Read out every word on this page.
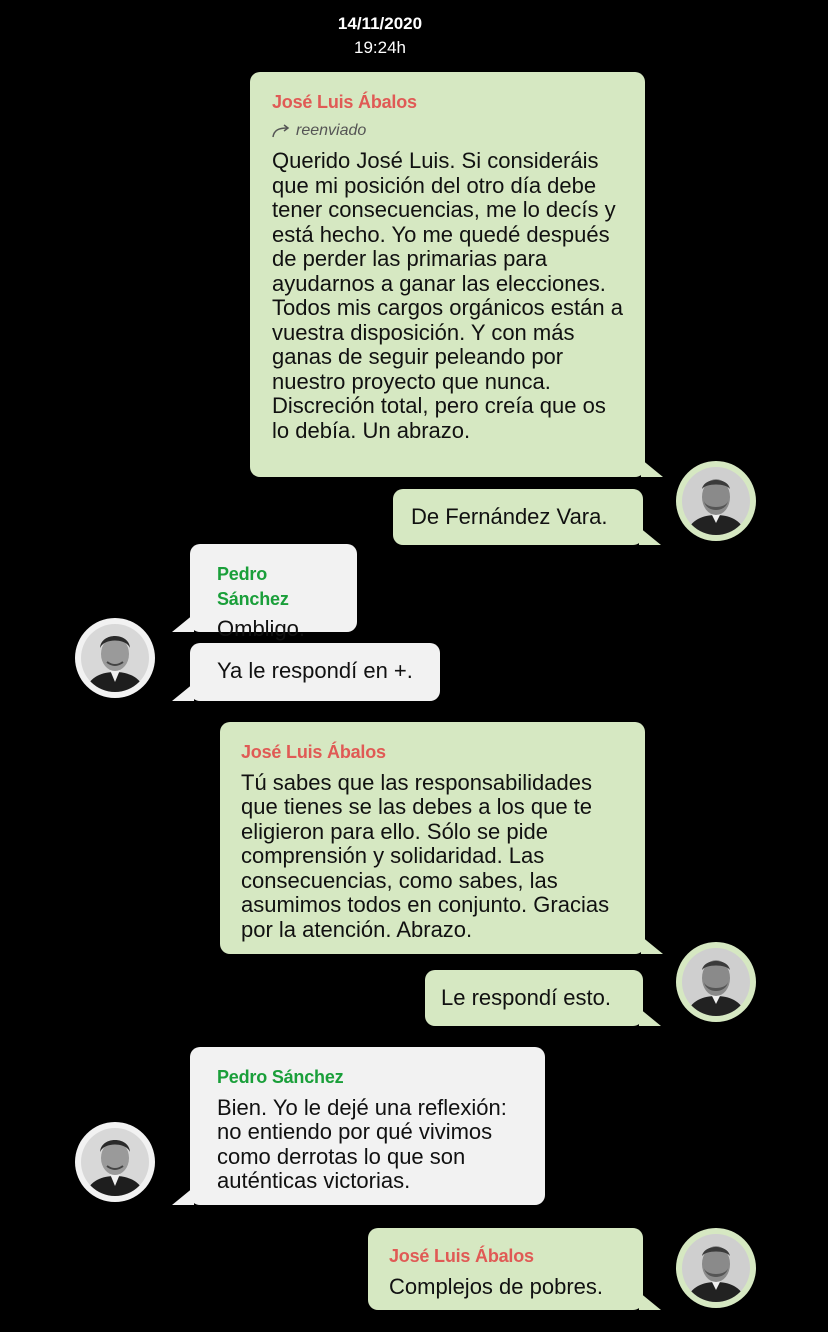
14/11/2020
19:24h
José Luis Ábalos
reenviado
Querido José Luis. Si consideráis que mi posición del otro día debe tener consecuencias, me lo decís y está hecho. Yo me quedé después de perder las primarias para ayudarnos a ganar las elecciones. Todos mis cargos orgánicos están a vuestra disposición. Y con más ganas de seguir peleando por nuestro proyecto que nunca. Discreción total, pero creía que os lo debía. Un abrazo.
De Fernández Vara.
Pedro Sánchez
Ombligo.
Ya le respondí en +.
José Luis Ábalos
Tú sabes que las responsabilidades que tienes se las debes a los que te eligieron para ello. Sólo se pide comprensión y solidaridad. Las consecuencias, como sabes, las asumimos todos en conjunto. Gracias por la atención. Abrazo.
Le respondí esto.
Pedro Sánchez
Bien. Yo le dejé una reflexión: no entiendo por qué vivimos como derrotas lo que son auténticas victorias.
José Luis Ábalos
Complejos de pobres.
